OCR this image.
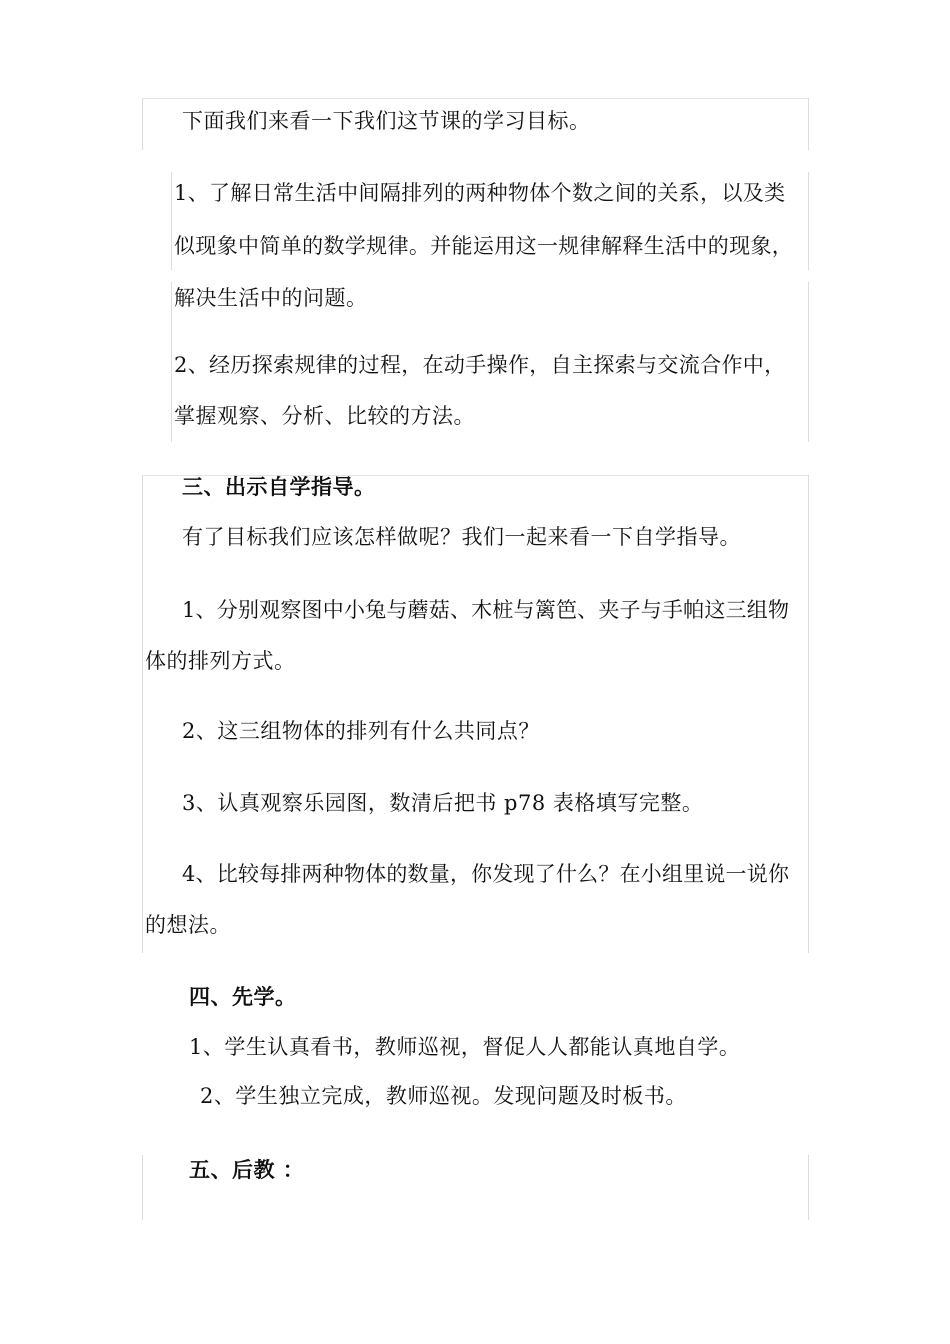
下面我们来看一下我们这节课的学习目标。
1、了解日常生活中间隔排列的两种物体个数之间的关系，以及类
似现象中简单的数学规律。并能运用这一规律解释生活中的现象，
解决生活中的问题。
2、经历探索规律的过程，在动手操作，自主探索与交流合作中，
掌握观察、分析、比较的方法。
三、出示自学指导。
有了目标我们应该怎样做呢？我们一起来看一下自学指导。
1、分别观察图中小兔与蘑菇、木桩与篱笆、夹子与手帕这三组物
体的排列方式。
2、这三组物体的排列有什么共同点？
3、认真观察乐园图，数清后把书 p78 表格填写完整。
4、比较每排两种物体的数量，你发现了什么？在小组里说一说你
的想法。
四、先学。
1、学生认真看书，教师巡视，督促人人都能认真地自学。
2、学生独立完成，教师巡视。发现问题及时板书。
五、后教 ：
